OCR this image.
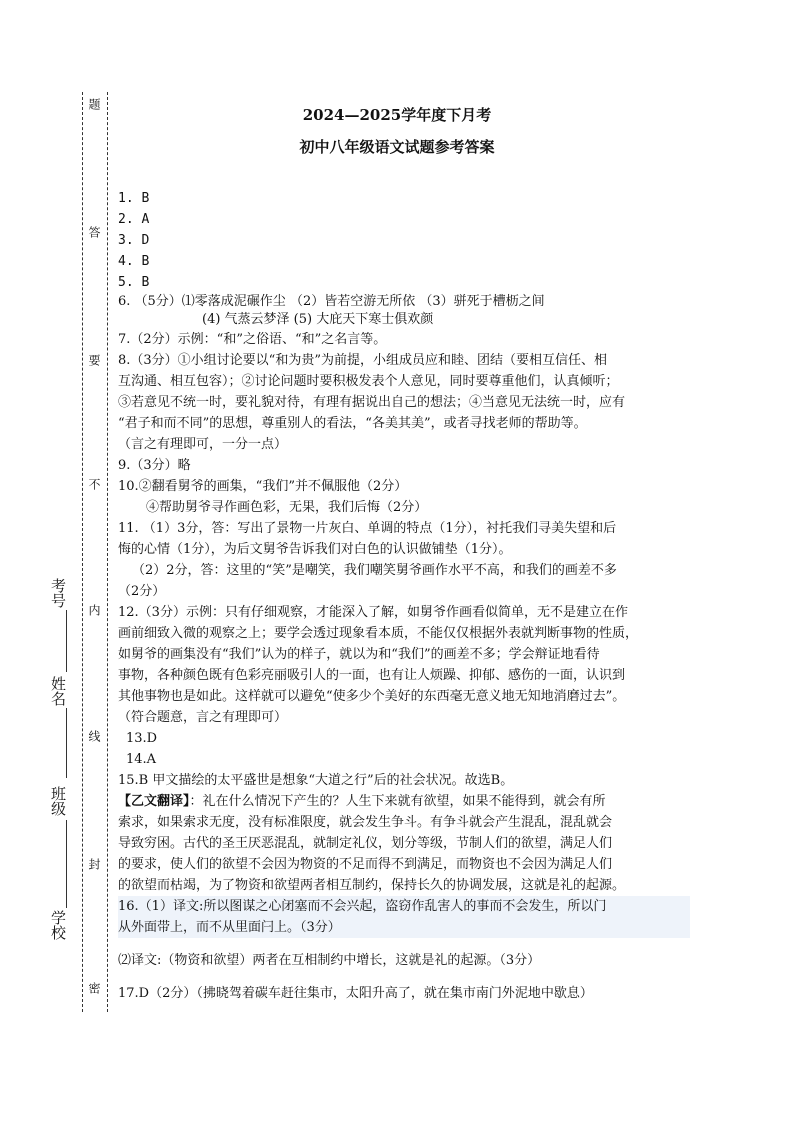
题
答
要
不
内
线
封
密
考号
姓名
班级
学校
2024—2025学年度下月考
初中八年级语文试题参考答案
1. B
2. A
3. D
4. B
5. B
6. （5分）⑴零落成泥碾作尘 （2）皆若空游无所依 （3）骈死于槽枥之间
(4) 气蒸云梦泽 (5) 大庇天下寒士俱欢颜
7.（2分）示例：“和”之俗语、“和”之名言等。
8.（3分）①小组讨论要以“和为贵”为前提，小组成员应和睦、团结（要相互信任、相
互沟通、相互包容）；②讨论问题时要积极发表个人意见，同时要尊重他们，认真倾听；
③若意见不统一时，要礼貌对待，有理有据说出自己的想法；④当意见无法统一时，应有
“君子和而不同”的思想，尊重别人的看法，“各美其美”，或者寻找老师的帮助等。
（言之有理即可，一分一点）
9.（3分）略
10.②翻看舅爷的画集，“我们”并不佩服他（2分）
④帮助舅爷寻作画色彩，无果，我们后悔（2分）
11. （1）3分，答：写出了景物一片灰白、单调的特点（1分），衬托我们寻美失望和后
悔的心情（1分），为后文舅爷告诉我们对白色的认识做铺垫（1分）。
（2）2分，答：这里的“笑”是嘲笑，我们嘲笑舅爷画作水平不高，和我们的画差不多
（2分）
12.（3分）示例：只有仔细观察，才能深入了解，如舅爷作画看似简单，无不是建立在作
画前细致入微的观察之上；要学会透过现象看本质，不能仅仅根据外表就判断事物的性质，
如舅爷的画集没有“我们”认为的样子，就以为和“我们”的画差不多；学会辩证地看待
事物，各种颜色既有色彩亮丽吸引人的一面，也有让人烦躁、抑郁、感伤的一面，认识到
其他事物也是如此。这样就可以避免“使多少个美好的东西毫无意义地无知地消磨过去”。
（符合题意，言之有理即可）
13.D
14.A
15.B 甲文描绘的太平盛世是想象“大道之行”后的社会状况。故选B。
【乙文翻译】：礼在什么情况下产生的？人生下来就有欲望，如果不能得到，就会有所
索求，如果索求无度，没有标准限度，就会发生争斗。有争斗就会产生混乱，混乱就会
导致穷困。古代的圣王厌恶混乱，就制定礼仪，划分等级，节制人们的欲望，满足人们
的要求，使人们的欲望不会因为物资的不足而得不到满足，而物资也不会因为满足人们
的欲望而枯竭，为了物资和欲望两者相互制约，保持长久的协调发展，这就是礼的起源。
16.（1）译文:所以图谋之心闭塞而不会兴起，盗窃作乱害人的事而不会发生，所以门
从外面带上，而不从里面闩上。（3分）
⑵译文:（物资和欲望）两者在互相制约中增长，这就是礼的起源。（3分）
17.D（2分）（拂晓驾着碳车赶往集市，太阳升高了，就在集市南门外泥地中歇息）
